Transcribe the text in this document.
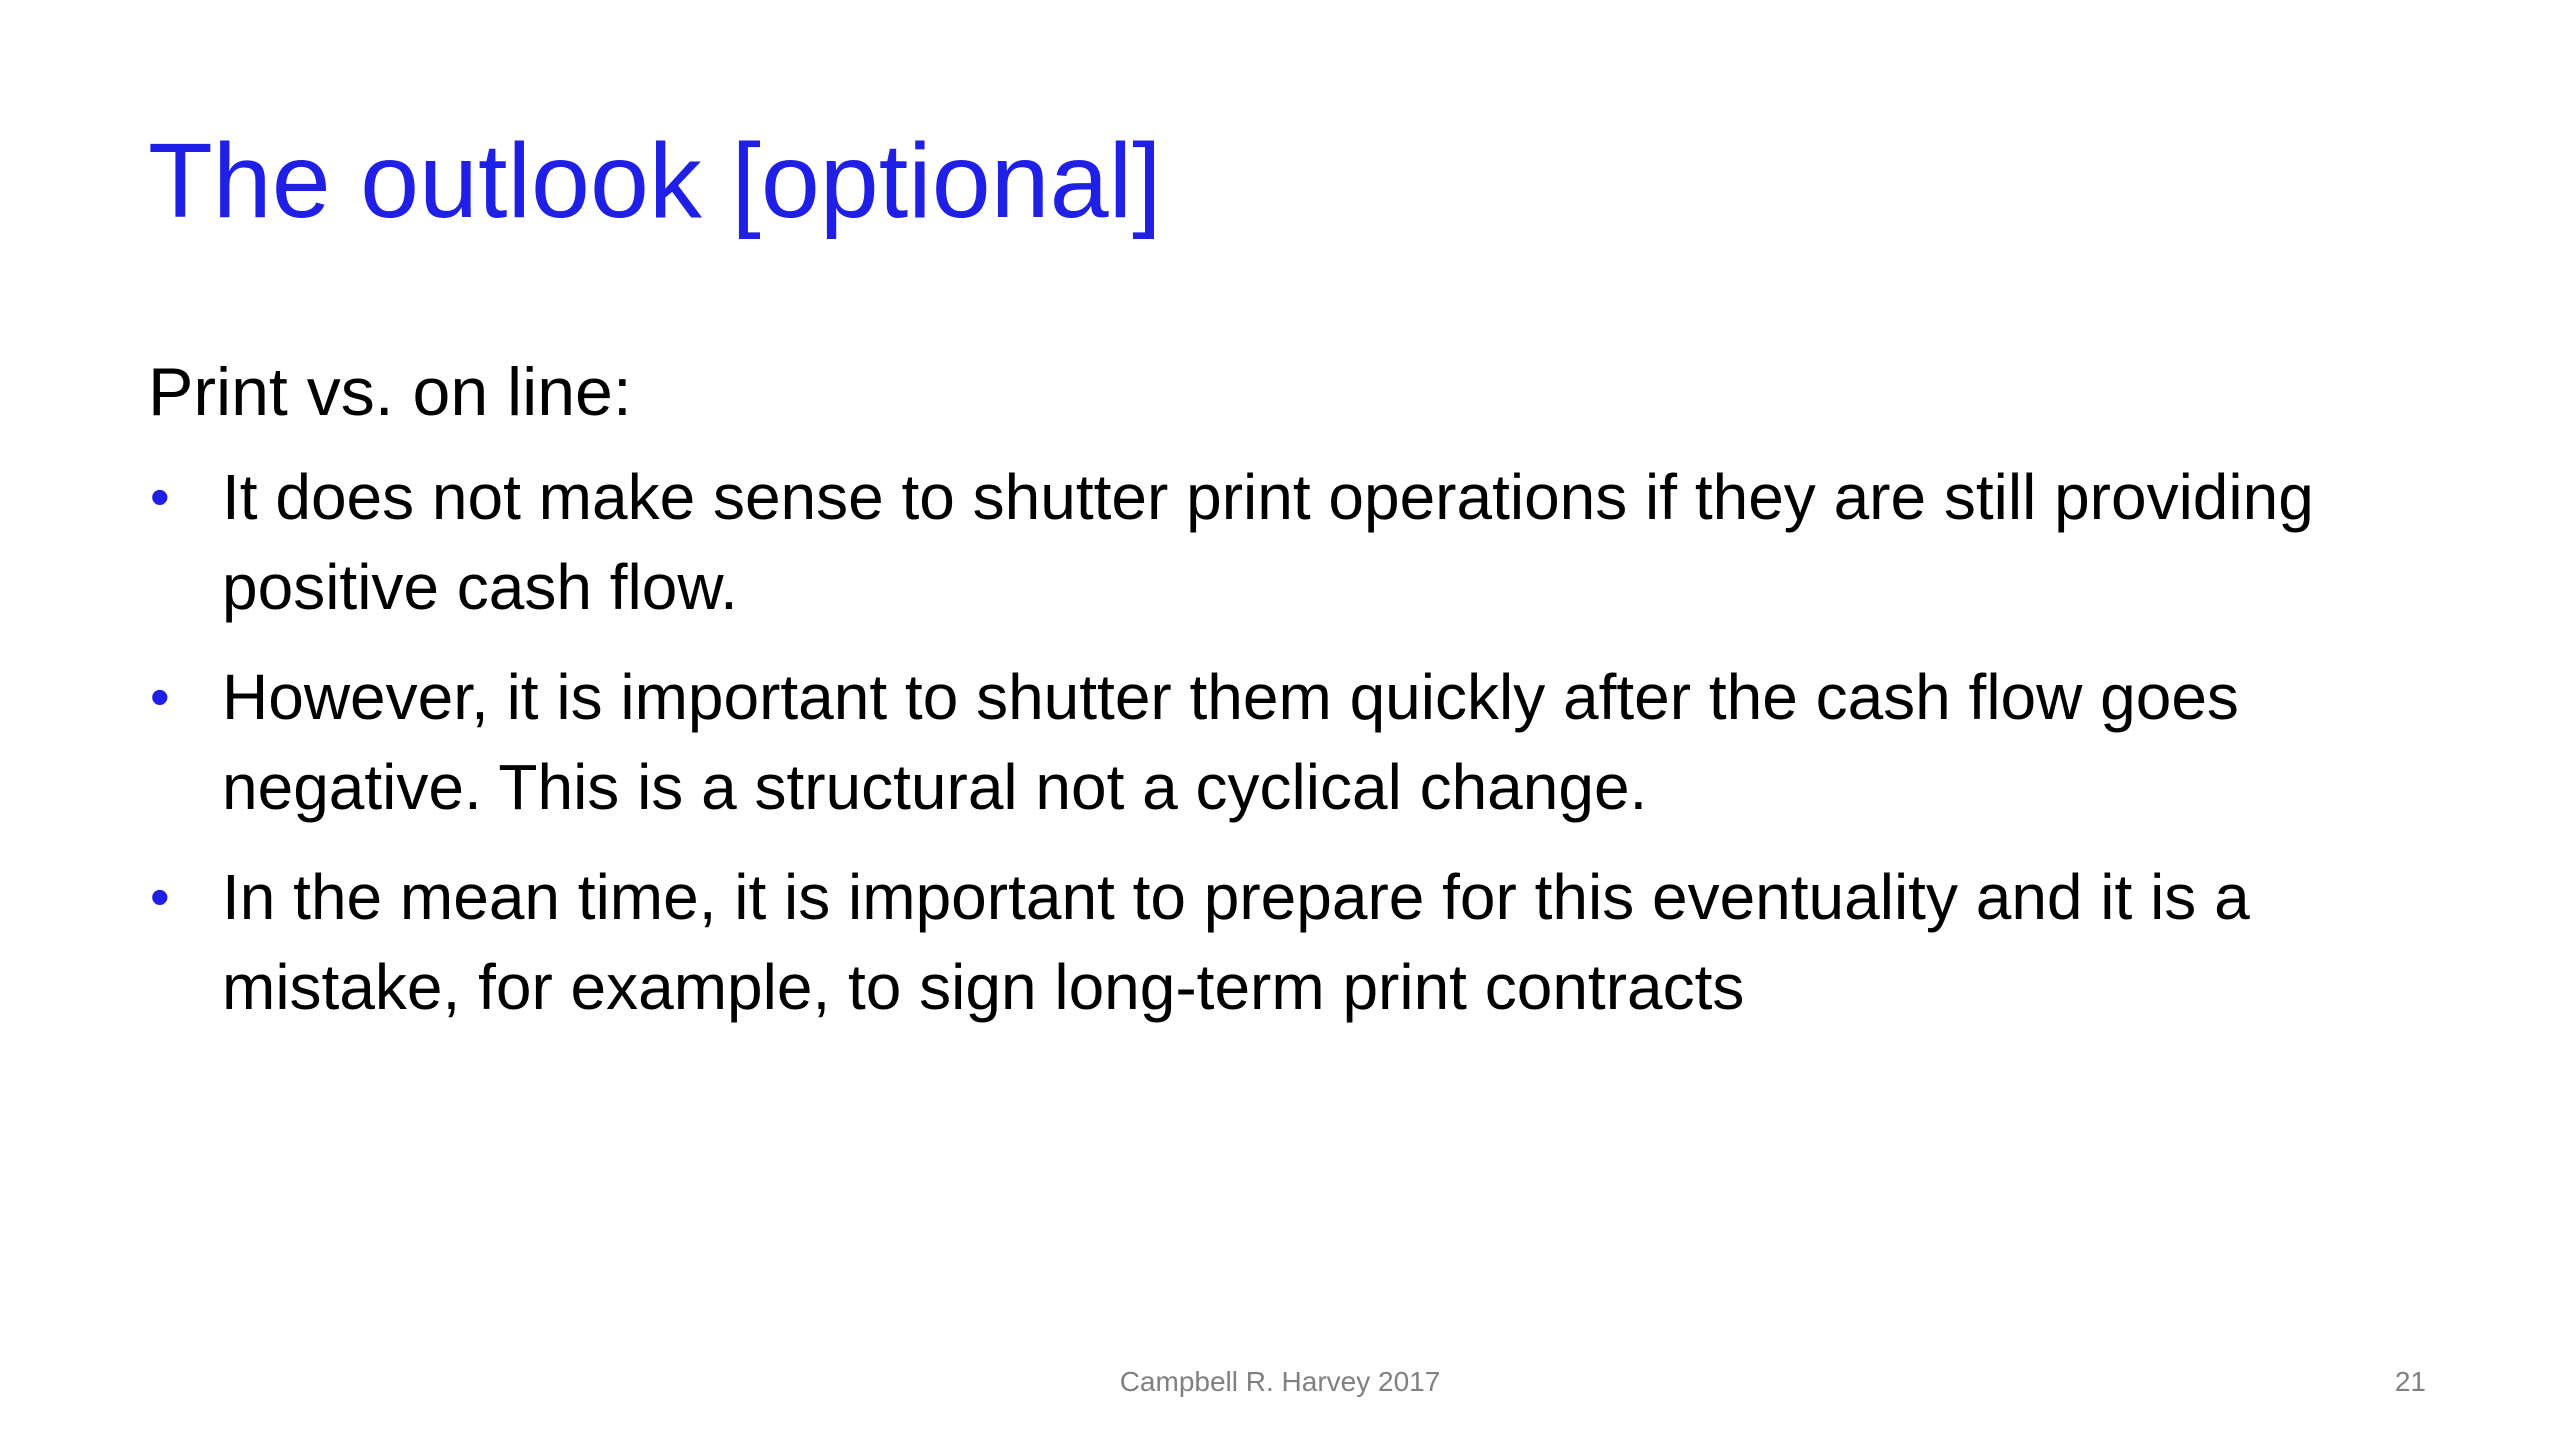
The outlook [optional]
Print vs. on line:
• It does not make sense to shutter print operations if they are still providing positive cash flow.
• However, it is important to shutter them quickly after the cash flow goes negative. This is a structural not a cyclical change.
• In the mean time, it is important to prepare for this eventuality and it is a mistake, for example, to sign long-term print contracts
Campbell R. Harvey 2017	21
